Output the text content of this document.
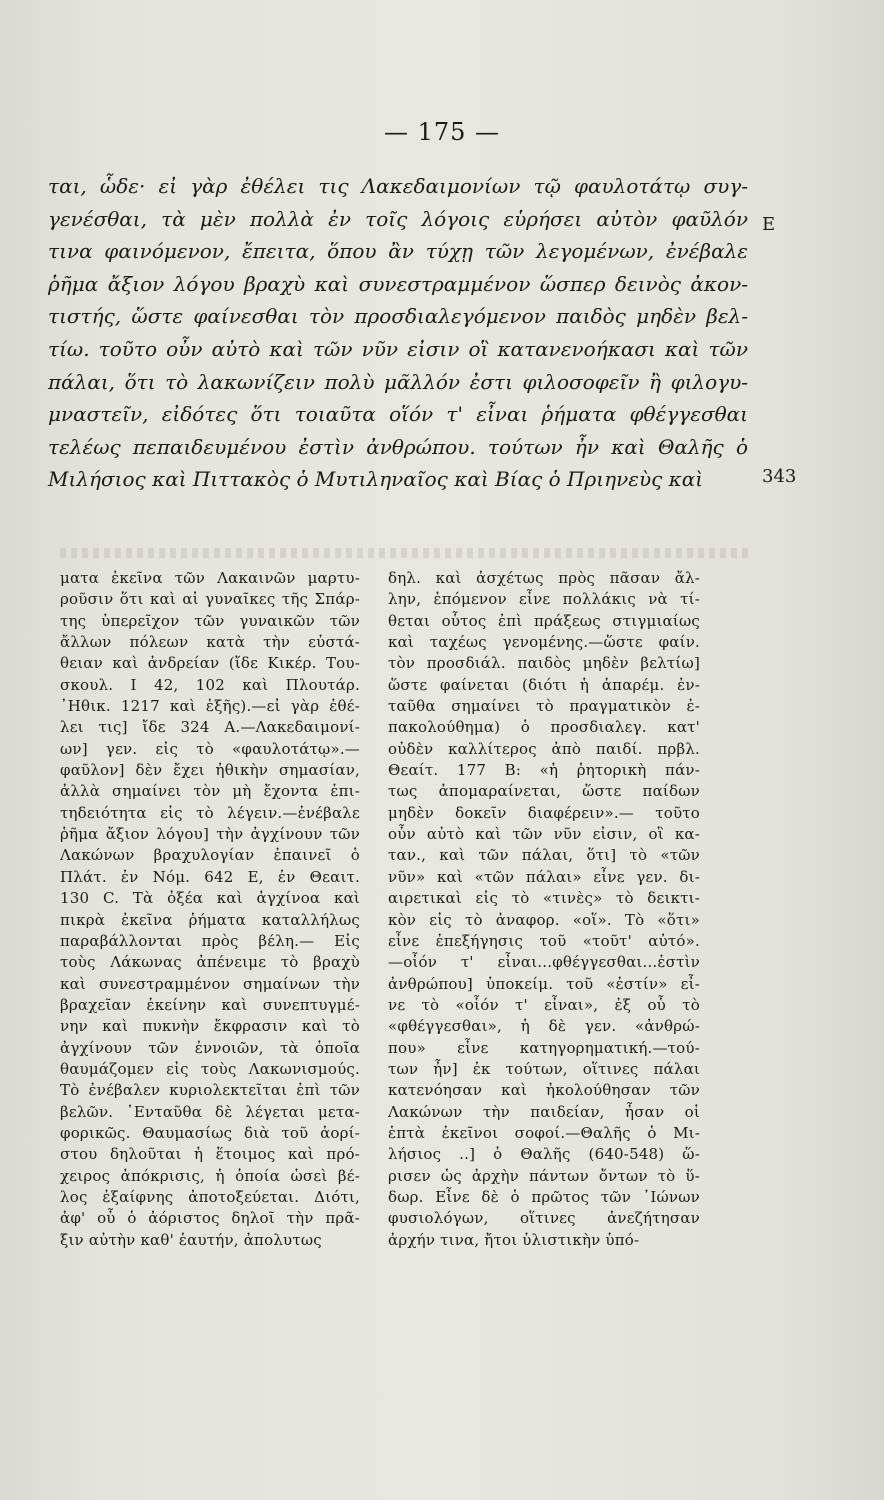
— 175 —
ται, ὧδε· εἰ γὰρ ἐθέλει τις Λακεδαιμονίων τῷ φαυλοτάτῳ συγ-
γενέσθαι, τὰ μὲν πολλὰ ἐν τοῖς λόγοις εὑρήσει αὐτὸν φαῦλόν
τινα φαινόμενον, ἔπειτα, ὅπου ἂν τύχῃ τῶν λεγομένων, ἐνέβαλε
ῥῆμα ἄξιον λόγου βραχὺ καὶ συνεστραμμένον ὥσπερ δεινὸς ἀκον-
τιστής, ὥστε φαίνεσθαι τὸν προσδιαλεγόμενον παιδὸς μηδὲν βελ-
τίω. τοῦτο οὖν αὐτὸ καὶ τῶν νῦν εἰσιν οἳ κατανενοήκασι καὶ τῶν
πάλαι, ὅτι τὸ λακωνίζειν πολὺ μᾶλλόν ἐστι φιλοσοφεῖν ἢ φιλογυ-
μναστεῖν, εἰδότες ὅτι τοιαῦτα οἵόν τ' εἶναι ῥήματα φθέγγεσθαι
τελέως πεπαιδευμένου ἐστὶν ἀνθρώπου. τούτων ἦν καὶ Θαλῆς ὁ
Μιλήσιος καὶ Πιττακὸς ὁ Μυτιληναῖος καὶ Βίας ὁ Πριηνεὺς καὶ
E
343
ματα ἐκεῖνα τῶν Λακαινῶν μαρτυ-
ροῦσιν ὅτι καὶ αἱ γυναῖκες τῆς Σπάρ-
της ὑπερεῖχον τῶν γυναικῶν τῶν
ἄλλων πόλεων κατὰ τὴν εὐστά-
θειαν καὶ ἀνδρείαν (ἴδε Κικέρ. Του-
σκουλ. Ι 42, 102 καὶ Πλουτάρ.
᾿Ηθικ. 1217 καὶ ἑξῆς).—εἰ γὰρ ἐθέ-
λει τις] ἴδε 324 Α.—Λακεδαιμονί-
ων] γεν. εἰς τὸ «φαυλοτάτῳ».—
φαῦλον] δὲν ἔχει ἠθικὴν σημασίαν,
ἀλλὰ σημαίνει τὸν μὴ ἔχοντα ἐπι-
τηδειότητα εἰς τὸ λέγειν.—ἐνέβαλε
ῥῆμα ἄξιον λόγου] τὴν ἀγχίνουν τῶν
Λακώνων βραχυλογίαν ἐπαινεῖ ὁ
Πλάτ. ἐν Νόμ. 642 Ε, ἐν Θεαιτ.
130 C. Τὰ ὀξέα καὶ ἀγχίνοα καὶ
πικρὰ ἐκεῖνα ῥήματα καταλλήλως
παραβάλλονται πρὸς βέλη.— Εἰς
τοὺς Λάκωνας ἀπένειμε τὸ βραχὺ
καὶ συνεστραμμένον σημαίνων τὴν
βραχεῖαν ἐκείνην καὶ συνεπτυγμέ-
νην καὶ πυκνὴν ἔκφρασιν καὶ τὸ
ἀγχίνουν τῶν ἐννοιῶν, τὰ ὁποῖα
θαυμάζομεν εἰς τοὺς Λακωνισμούς.
Τὸ ἐνέβαλεν κυριολεκτεῖται ἐπὶ τῶν
βελῶν. ᾿Ενταῦθα δὲ λέγεται μετα-
φορικῶς. Θαυμασίως διὰ τοῦ ἀορί-
στου δηλοῦται ἡ ἕτοιμος καὶ πρό-
χειρος ἀπόκρισις, ἡ ὁποία ὡσεὶ βέ-
λος ἐξαίφνης ἀποτοξεύεται. Διότι,
ἀφ' οὗ ὁ ἀόριστος δηλοῖ τὴν πρᾶ-
ξιν αὐτὴν καθ' ἑαυτήν, ἀπολυτως
δηλ. καὶ ἀσχέτως πρὸς πᾶσαν ἄλ-
λην, ἑπόμενον εἶνε πολλάκις νὰ τί-
θεται οὗτος ἐπὶ πράξεως στιγμιαίως
καὶ ταχέως γενομένης.—ὥστε φαίν.
τὸν προσδιάλ. παιδὸς μηδὲν βελτίω]
ὥστε φαίνεται (διότι ἡ ἀπαρέμ. ἐν-
ταῦθα σημαίνει τὸ πραγματικὸν ἐ-
πακολούθημα) ὁ προσδιαλεγ. κατ'
οὐδὲν καλλίτερος ἀπὸ παιδί. πρβλ.
Θεαίτ. 177 Β: «ἡ ῥητορικὴ πάν-
τως ἀπομαραίνεται, ὥστε παίδων
μηδὲν δοκεῖν διαφέρειν».— τοῦτο
οὖν αὐτὸ καὶ τῶν νῦν εἰσιν, οἳ κα-
ταν., καὶ τῶν πάλαι, ὅτι] τὸ «τῶν
νῦν» καὶ «τῶν πάλαι» εἶνε γεν. δι-
αιρετικαὶ εἰς τὸ «τινὲς» τὸ δεικτι-
κὸν εἰς τὸ ἀναφορ. «οἵ». Τὸ «ὅτι»
εἶνε ἐπεξήγησις τοῦ «τοῦτ' αὐτό».
—οἷόν τ' εἶναι...φθέγγεσθαι...ἐστὶν
ἀνθρώπου] ὑποκείμ. τοῦ «ἐστίν» εἶ-
νε τὸ «οἷόν τ' εἶναι», ἐξ οὗ τὸ
«φθέγγεσθαι», ἡ δὲ γεν. «ἀνθρώ-
που» εἶνε κατηγορηματική.—τού-
των ἦν] ἐκ τούτων, οἵτινες πάλαι
κατενόησαν καὶ ἠκολούθησαν τῶν
Λακώνων τὴν παιδείαν, ἦσαν οἱ
ἑπτὰ ἐκεῖνοι σοφοί.—Θαλῆς ὁ Μι-
λήσιος ..] ὁ Θαλῆς (640-548) ὥ-
ρισεν ὡς ἀρχὴν πάντων ὄντων τὸ ὕ-
δωρ. Εἶνε δὲ ὁ πρῶτος τῶν ᾿Ιώνων
φυσιολόγων, οἵτινες ἀνεζήτησαν
ἀρχήν τινα, ἤτοι ὑλιστικὴν ὑπό-
